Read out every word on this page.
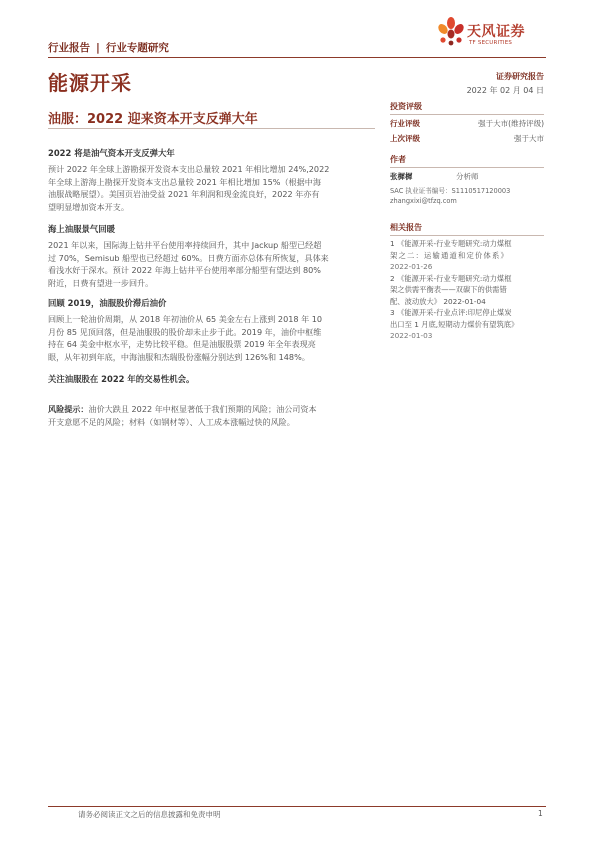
行业报告 | 行业专题研究
天风证券
TF SECURITIES
能源开采
油服：2022 迎来资本开支反弹大年
2022 将是油气资本开支反弹大年
预计 2022 年全球上游勘探开发资本支出总量较 2021 年相比增加 24%,2022
年全球上游海上勘探开发资本支出总量较 2021 年相比增加 15%（根据中海
油服战略展望）。美国页岩油受益 2021 年利润和现金流良好，2022 年亦有
望明显增加资本开支。
海上油服景气回暖
2021 年以来，国际海上钻井平台使用率持续回升，其中 Jackup 船型已经超
过 70%，Semisub 船型也已经超过 60%。日费方面亦总体有所恢复，具体来
看浅水好于深水。预计 2022 年海上钻井平台使用率部分船型有望达到 80%
附近，日费有望进一步回升。
回顾 2019，油服股价滞后油价
回顾上一轮油价周期，从 2018 年初油价从 65 美金左右上涨到 2018 年 10
月份 85 见顶回落，但是油服股的股价却未止步于此。2019 年，油价中枢维
持在 64 美金中枢水平，走势比较平稳。但是油服股票 2019 年全年表现亮
眼，从年初到年底，中海油服和杰瑞股份涨幅分别达到 126%和 148%。
关注油服股在 2022 年的交易性机会。
风险提示：油价大跌且 2022 年中枢显著低于我们预期的风险；油公司资本
开支意愿不足的风险；材料（如钢材等）、人工成本涨幅过快的风险。
证券研究报告
2022 年 02 月 04 日
投资评级
行业评级	强于大市(维持评级)
上次评级	强于大市
作者
张樨樨	分析师
SAC 执业证书编号：S1110517120003
zhangxixi@tfzq.com
相关报告
1 《能源开采-行业专题研究:动力煤框
架之二：运输通道和定价体系》
2022-01-26
2 《能源开采-行业专题研究:动力煤框
架之供需平衡表——双碳下的供需错
配、波动放大》 2022-01-04
3 《能源开采-行业点评:印尼停止煤炭
出口至 1 月底,短期动力煤价有望筑底》
2022-01-03
请务必阅读正文之后的信息披露和免责申明	1
